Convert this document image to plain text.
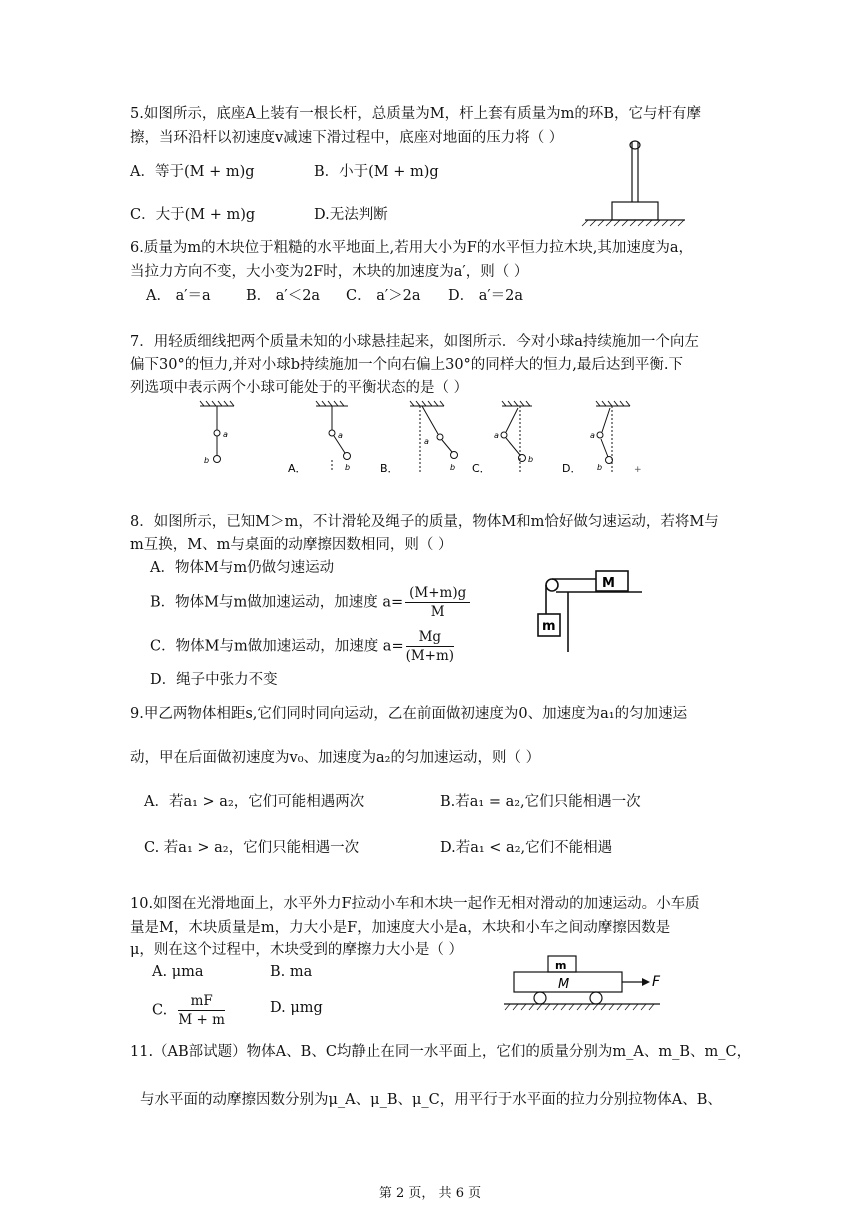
5.如图所示，底座A上装有一根长杆，总质量为M，杆上套有质量为m的环B，它与杆有摩
擦，当环沿杆以初速度v减速下滑过程中，底座对地面的压力将（ ）
A．等于(M + m)g	B．小于(M + m)g
C．大于(M + m)g	D.无法判断
6.质量为m的木块位于粗糙的水平地面上,若用大小为F的水平恒力拉木块,其加速度为a，
当拉力方向不变，大小变为2F时，木块的加速度为a′，则（ ）
A． a′＝a B． a′＜2a C． a′＞2a D． a′＝2a
7．用轻质细线把两个质量未知的小球悬挂起来，如图所示．今对小球a持续施加一个向左
偏下30°的恒力,并对小球b持续施加一个向右偏上30°的同样大的恒力,最后达到平衡.下
列选项中表示两个小球可能处于的平衡状态的是（ ）
a
b
a
b
A．
a
b
B．
a
b
C．
a
b
D．	+
8．如图所示，已知M＞m，不计滑轮及绳子的质量，物体M和m恰好做匀速运动，若将M与
m互换，M、m与桌面的动摩擦因数相同，则（ ）
A．物体M与m仍做匀速运动
B．物体M与m做加速运动，加速度 $a= \frac{(M+m)g}{M}$
C．物体M与m做加速运动，加速度 $a= \frac{Mg}{(M+m)}$
D．绳子中张力不变
M
m
9.甲乙两物体相距s,它们同时同向运动，乙在前面做初速度为0、加速度为a₁的匀加速运
动，甲在后面做初速度为v₀、加速度为a₂的匀加速运动，则（ ）
A．若a₁ > a₂，它们可能相遇两次	B.若a₁ = a₂,它们只能相遇一次
C. 若a₁ > a₂，它们只能相遇一次	D.若a₁ < a₂,它们不能相遇
10.如图在光滑地面上，水平外力F拉动小车和木块一起作无相对滑动的加速运动。小车质
量是M，木块质量是m，力大小是F，加速度大小是a，木块和小车之间动摩擦因数是
μ，则在这个过程中，木块受到的摩擦力大小是（ ）
A. μma	B. ma
C. $\frac{mF}{M + m}$	D. μmg
m
M	F
11.（AB部试题）物体A、B、C均静止在同一水平面上，它们的质量分别为m_A、m_B、m_C，
与水平面的动摩擦因数分别为μ_A、μ_B、μ_C，用平行于水平面的拉力分别拉物体A、B、
第 2 页， 共 6 页
